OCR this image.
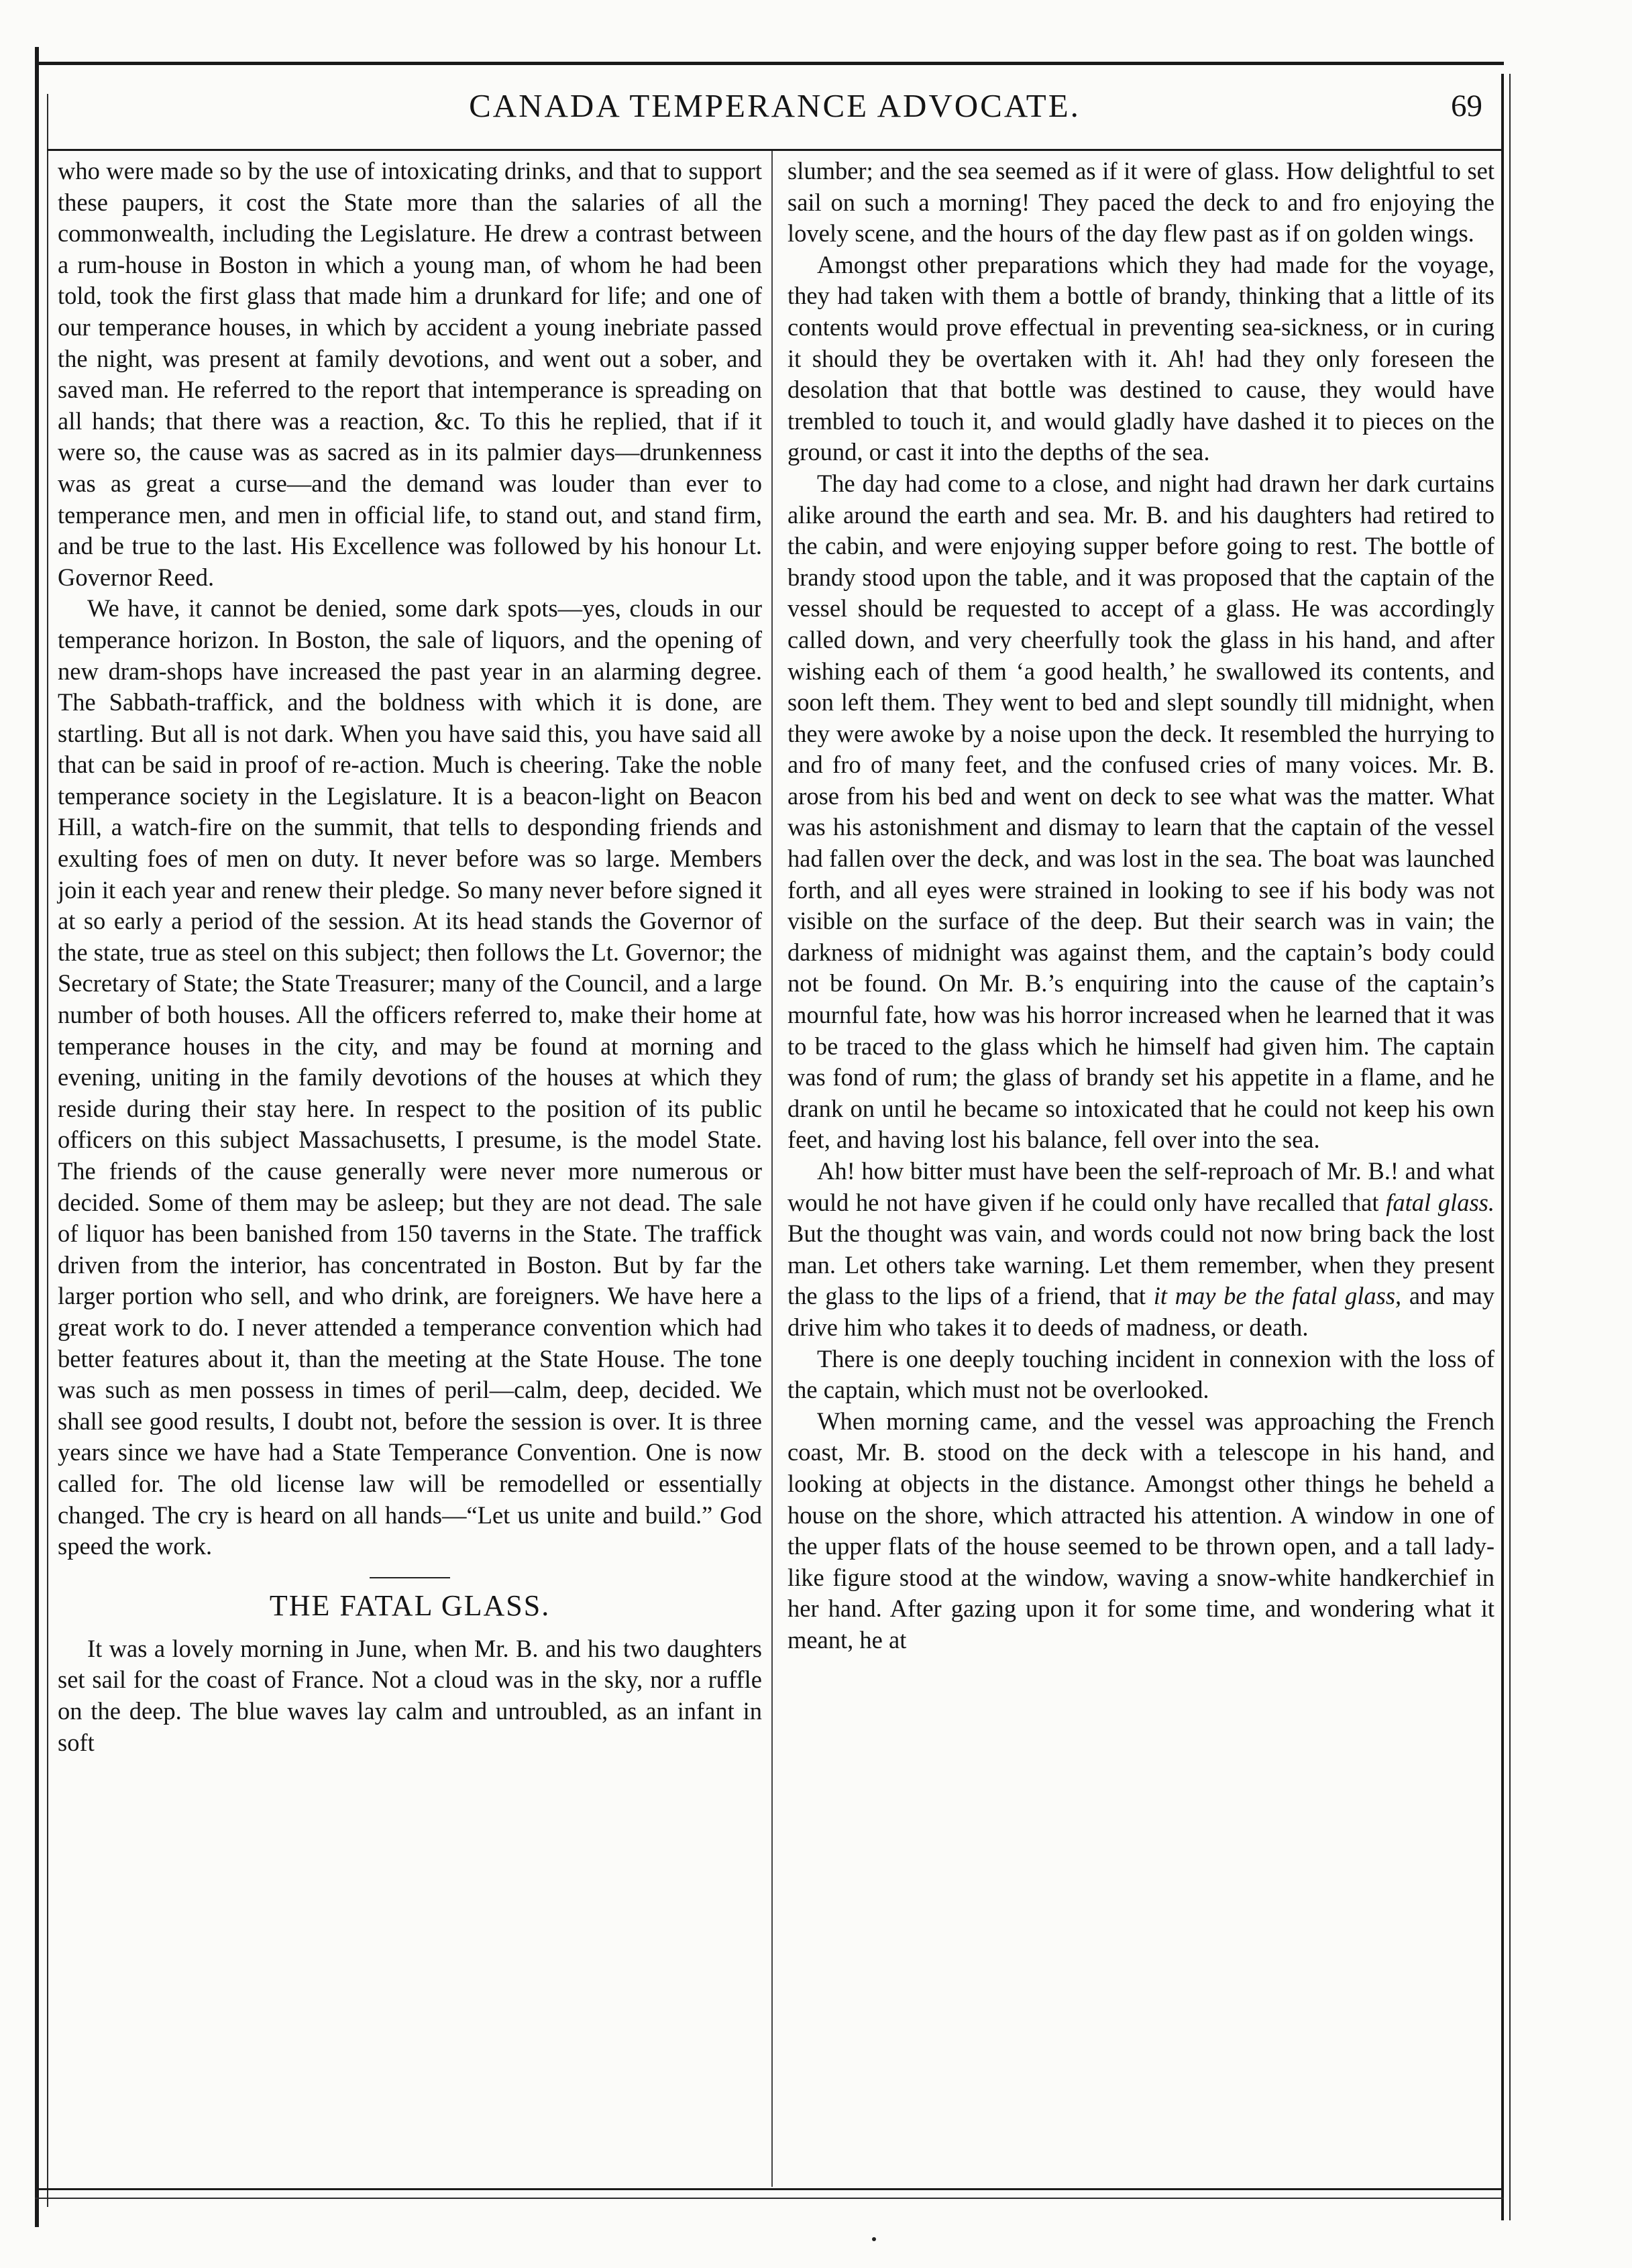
CANADA TEMPERANCE ADVOCATE.	69

who were made so by the use of intoxicating drinks, and that to support these paupers, it cost the State more than the salaries of all the commonwealth, including the Legislature. He drew a contrast between a rum-house in Boston in which a young man, of whom he had been told, took the first glass that made him a drunkard for life; and one of our temperance houses, in which by accident a young inebriate passed the night, was present at family devotions, and went out a sober, and saved man. He referred to the report that intemperance is spreading on all hands; that there was a reaction, &c. To this he replied, that if it were so, the cause was as sacred as in its palmier days—drunkenness was as great a curse—and the demand was louder than ever to temperance men, and men in official life, to stand out, and stand firm, and be true to the last. His Excellence was followed by his honour Lt. Governor Reed.

We have, it cannot be denied, some dark spots—yes, clouds in our temperance horizon. In Boston, the sale of liquors, and the opening of new dram-shops have increased the past year in an alarming degree. The Sabbath-traffick, and the boldness with which it is done, are startling. But all is not dark. When you have said this, you have said all that can be said in proof of re-action. Much is cheering. Take the noble temperance society in the Legislature. It is a beacon-light on Beacon Hill, a watch-fire on the summit, that tells to desponding friends and exulting foes of men on duty. It never before was so large. Members join it each year and renew their pledge. So many never before signed it at so early a period of the session. At its head stands the Governor of the state, true as steel on this subject; then follows the Lt. Governor; the Secretary of State; the State Treasurer; many of the Council, and a large number of both houses. All the officers referred to, make their home at temperance houses in the city, and may be found at morning and evening, uniting in the family devotions of the houses at which they reside during their stay here. In respect to the position of its public officers on this subject Massachusetts, I presume, is the model State. The friends of the cause generally were never more numerous or decided. Some of them may be asleep; but they are not dead. The sale of liquor has been banished from 150 taverns in the State. The traffick driven from the interior, has concentrated in Boston. But by far the larger portion who sell, and who drink, are foreigners. We have here a great work to do. I never attended a temperance convention which had better features about it, than the meeting at the State House. The tone was such as men possess in times of peril—calm, deep, decided. We shall see good results, I doubt not, before the session is over. It is three years since we have had a State Temperance Convention. One is now called for. The old license law will be remodelled or essentially changed. The cry is heard on all hands—“Let us unite and build.” God speed the work.

THE FATAL GLASS.

It was a lovely morning in June, when Mr. B. and his two daughters set sail for the coast of France. Not a cloud was in the sky, nor a ruffle on the deep. The blue waves lay calm and untroubled, as an infant in soft

slumber; and the sea seemed as if it were of glass. How delightful to set sail on such a morning! They paced the deck to and fro enjoying the lovely scene, and the hours of the day flew past as if on golden wings.

Amongst other preparations which they had made for the voyage, they had taken with them a bottle of brandy, thinking that a little of its contents would prove effectual in preventing sea-sickness, or in curing it should they be overtaken with it. Ah! had they only foreseen the desolation that that bottle was destined to cause, they would have trembled to touch it, and would gladly have dashed it to pieces on the ground, or cast it into the depths of the sea.

The day had come to a close, and night had drawn her dark curtains alike around the earth and sea. Mr. B. and his daughters had retired to the cabin, and were enjoying supper before going to rest. The bottle of brandy stood upon the table, and it was proposed that the captain of the vessel should be requested to accept of a glass. He was accordingly called down, and very cheerfully took the glass in his hand, and after wishing each of them ‘a good health,’ he swallowed its contents, and soon left them. They went to bed and slept soundly till midnight, when they were awoke by a noise upon the deck. It resembled the hurrying to and fro of many feet, and the confused cries of many voices. Mr. B. arose from his bed and went on deck to see what was the matter. What was his astonishment and dismay to learn that the captain of the vessel had fallen over the deck, and was lost in the sea. The boat was launched forth, and all eyes were strained in looking to see if his body was not visible on the surface of the deep. But their search was in vain; the darkness of midnight was against them, and the captain’s body could not be found. On Mr. B.’s enquiring into the cause of the captain’s mournful fate, how was his horror increased when he learned that it was to be traced to the glass which he himself had given him. The captain was fond of rum; the glass of brandy set his appetite in a flame, and he drank on until he became so intoxicated that he could not keep his own feet, and having lost his balance, fell over into the sea.

Ah! how bitter must have been the self-reproach of Mr. B.! and what would he not have given if he could only have recalled that fatal glass. But the thought was vain, and words could not now bring back the lost man. Let others take warning. Let them remember, when they present the glass to the lips of a friend, that it may be the fatal glass, and may drive him who takes it to deeds of madness, or death.

There is one deeply touching incident in connexion with the loss of the captain, which must not be overlooked.

When morning came, and the vessel was approaching the French coast, Mr. B. stood on the deck with a telescope in his hand, and looking at objects in the distance. Amongst other things he beheld a house on the shore, which attracted his attention. A window in one of the upper flats of the house seemed to be thrown open, and a tall lady-like figure stood at the window, waving a snow-white handkerchief in her hand. After gazing upon it for some time, and wondering what it meant, he at
